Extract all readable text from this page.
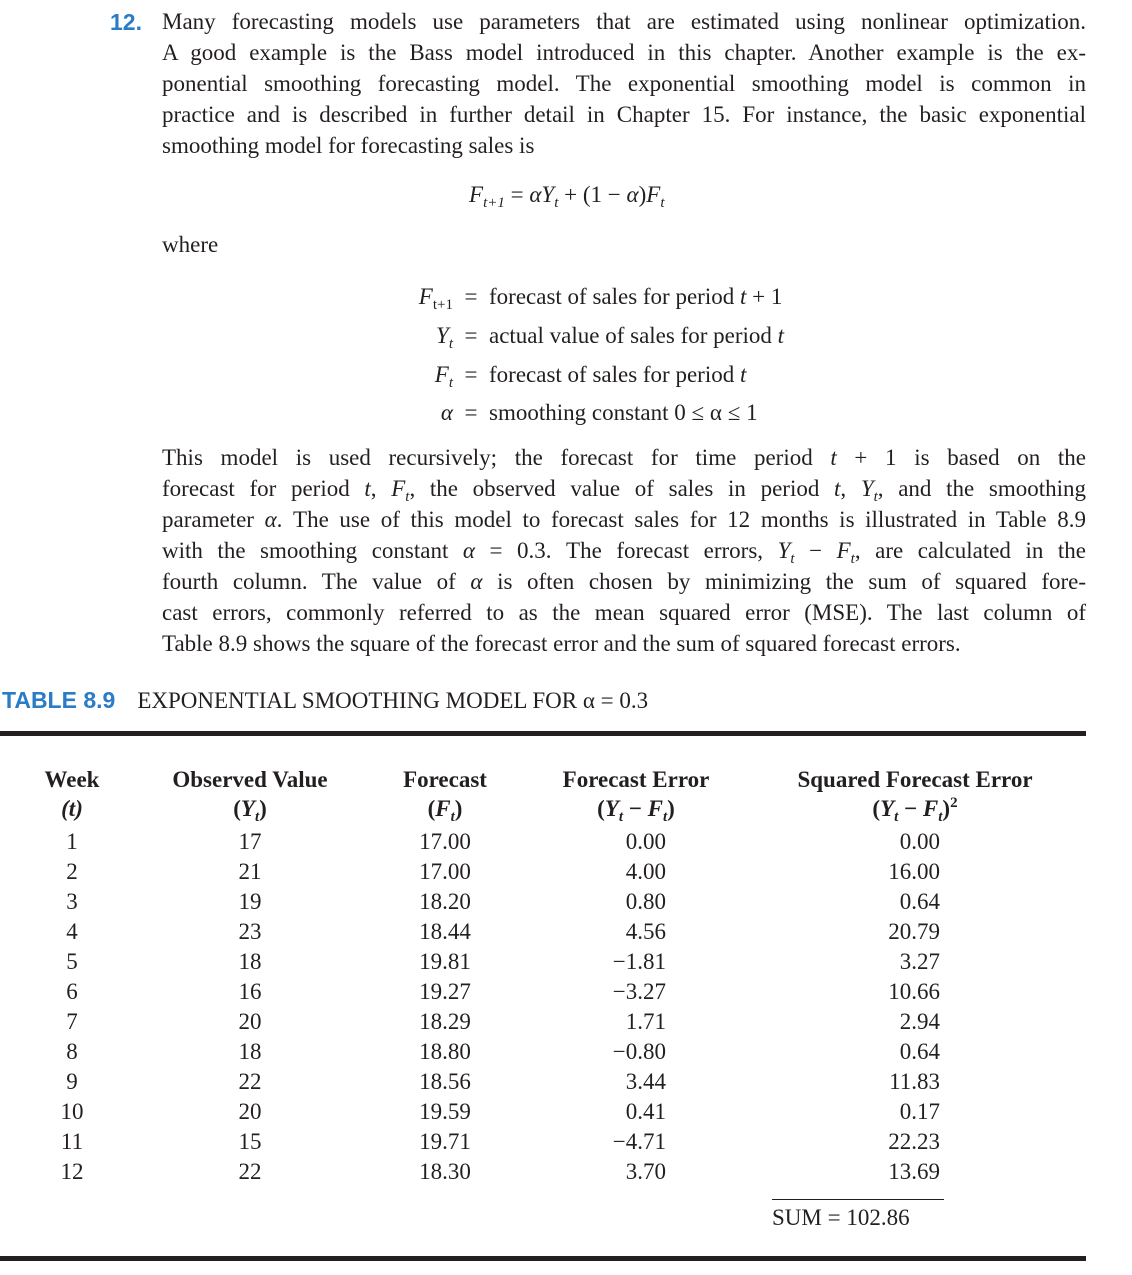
12. Many forecasting models use parameters that are estimated using nonlinear optimization.
A good example is the Bass model introduced in this chapter. Another example is the ex-
ponential smoothing forecasting model. The exponential smoothing model is common in
practice and is described in further detail in Chapter 15. For instance, the basic exponential
smoothing model for forecasting sales is
$F_{t+1} = \alpha Y_t + (1 - \alpha)F_t$
where
$F_{t+1}$ = forecast of sales for period t + 1
$Y_t$ = actual value of sales for period t
$F_t$ = forecast of sales for period t
α = smoothing constant 0 ≤ α ≤ 1
This model is used recursively; the forecast for time period t + 1 is based on the
forecast for period t, $F_t$, the observed value of sales in period t, $Y_t$, and the smoothing
parameter α. The use of this model to forecast sales for 12 months is illustrated in Table 8.9
with the smoothing constant α = 0.3. The forecast errors, $Y_t - F_t$, are calculated in the
fourth column. The value of α is often chosen by minimizing the sum of squared fore-
cast errors, commonly referred to as the mean squared error (MSE). The last column of
Table 8.9 shows the square of the forecast error and the sum of squared forecast errors.
TABLE 8.9 EXPONENTIAL SMOOTHING MODEL FOR α = 0.3
Week
(t)
1
2
3
4
5
6
7
8
9
10
11
12
Observed Value
$(Y_t)$
17
21
19
23
18
16
20
18
22
20
15
22
Forecast
$(F_t)$
17.00
17.00
18.20
18.44
19.81
19.27
18.29
18.80
18.56
19.59
19.71
18.30
Forecast Error
$(Y_t - F_t)$
0.00
4.00
0.80
4.56
−1.81
−3.27
1.71
−0.80
3.44
0.41
−4.71
3.70
Squared Forecast Error
$(Y_t - F_t)^2$
0.00
16.00
0.64
20.79
3.27
10.66
2.94
0.64
11.83
0.17
22.23
13.69
SUM = 102.86
